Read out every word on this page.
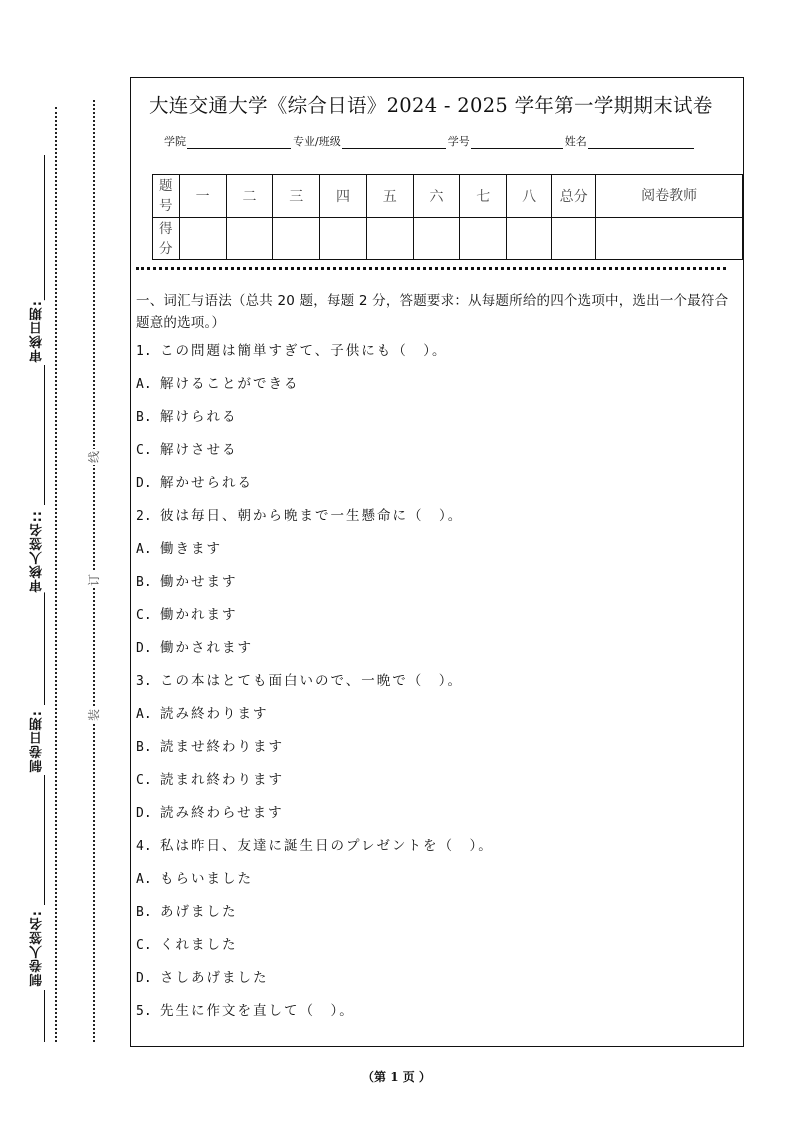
审核日期:
审核人签名::
制卷日期:
制卷人签名:
线
订
装
大连交通大学《综合日语》2024 - 2025 学年第一学期期末试卷
学院	专业/班级	学号	姓名
题号	一	二	三	四	五	六	七	八	总分	阅卷教师
得分										
一、词汇与语法（总共 20 题，每题 2 分，答题要求：从每题所给的四个选项中，选出一个最符合题意的选项。）
1. この問題は簡単すぎて、子供にも（　）。
A. 解けることができる
B. 解けられる
C. 解けさせる
D. 解かせられる
2. 彼は毎日、朝から晩まで一生懸命に（　）。
A. 働きます
B. 働かせます
C. 働かれます
D. 働かされます
3. この本はとても面白いので、一晩で（　）。
A. 読み終わります
B. 読ませ終わります
C. 読まれ終わります
D. 読み終わらせます
4. 私は昨日、友達に誕生日のプレゼントを（　）。
A. もらいました
B. あげました
C. くれました
D. さしあげました
5. 先生に作文を直して（　）。
（第 1 页 ）
